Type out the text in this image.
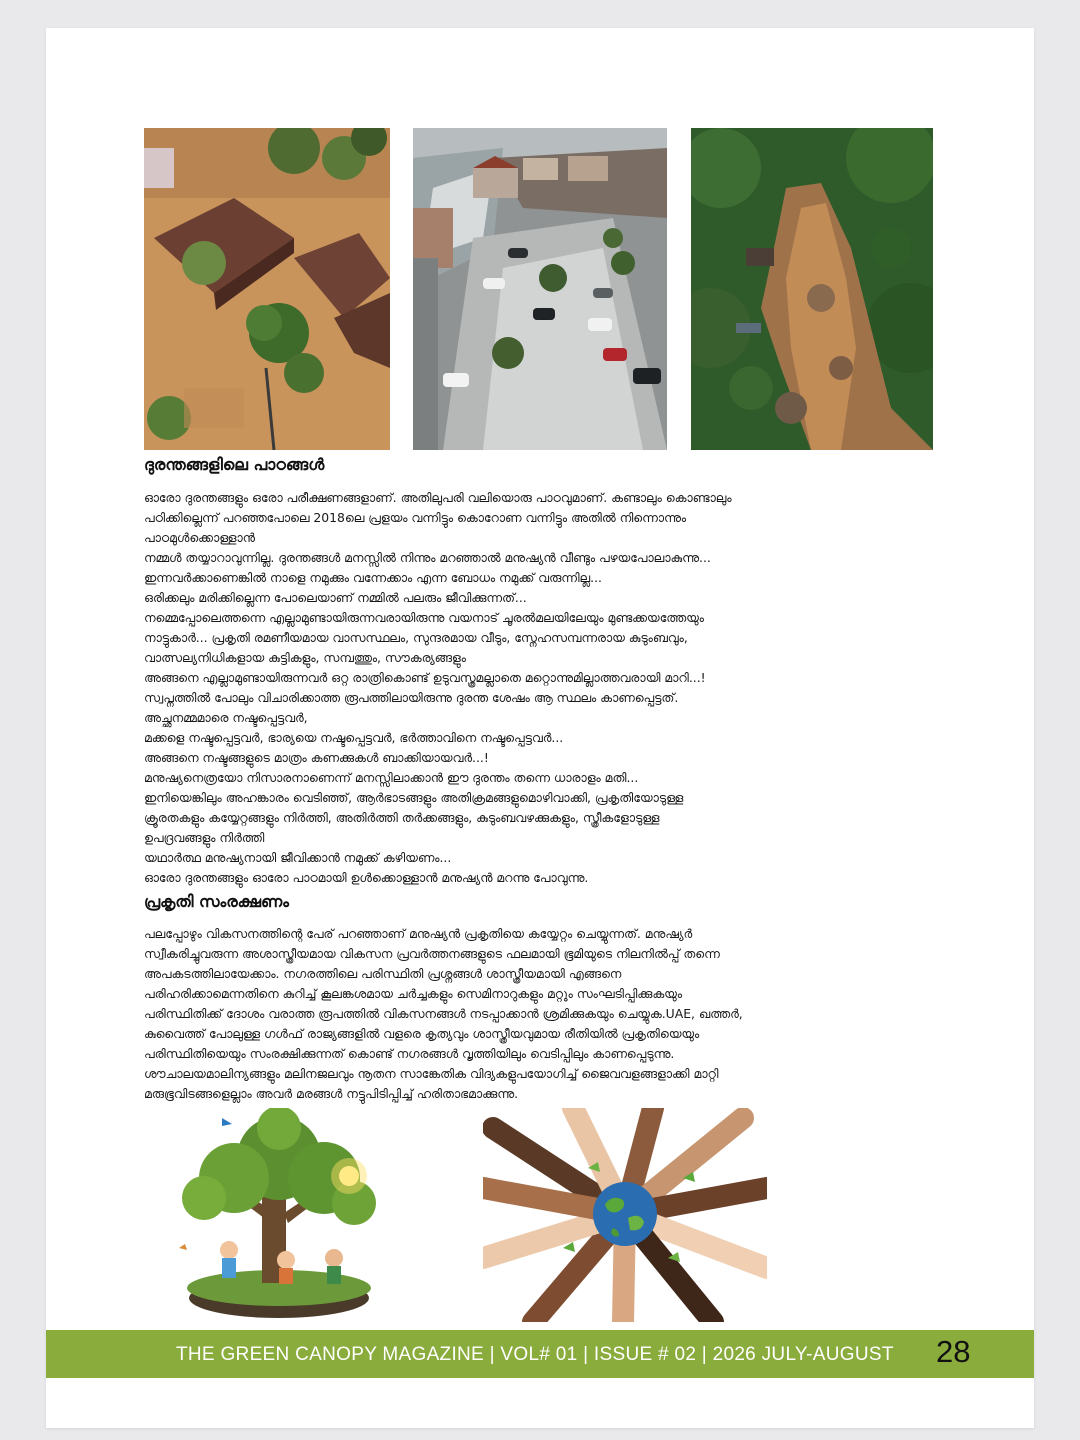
ദുരന്തങ്ങളിലെ പാഠങ്ങൾ
ഓരോ ദുരന്തങ്ങളും ഒരോ പരീക്ഷണങ്ങളാണ്. അതിലുപരി വലിയൊരു പാഠവുമാണ്. കണ്ടാലും കൊണ്ടാലും
പഠിക്കില്ലെന്ന് പറഞ്ഞപോലെ 2018ലെ പ്രളയം വന്നിട്ടും കൊറോണ വന്നിട്ടും അതിൽ നിന്നൊന്നും
പാഠമുൾക്കൊള്ളാൻ
നമ്മൾ തയ്യാറാവുന്നില്ല. ദുരന്തങ്ങൾ മനസ്സിൽ നിന്നും മറഞ്ഞാൽ മനുഷ്യൻ വീണ്ടും പഴയപോലാകുന്നു...
ഇന്നവർക്കാണെങ്കിൽ നാളെ നമുക്കും വന്നേക്കാം എന്ന ബോധം നമുക്ക് വരുന്നില്ല...
ഒരിക്കലും മരിക്കില്ലെന്ന പോലെയാണ് നമ്മിൽ പലരും ജീവിക്കുന്നത്...
നമ്മെപ്പോലെത്തന്നെ എല്ലാമുണ്ടായിരുന്നവരായിരുന്നു വയനാട് ചൂരൽമലയിലേയും മുണ്ടക്കയത്തേയും
നാട്ടുകാർ... പ്രകൃതി രമണീയമായ വാസസ്ഥലം, സുന്ദരമായ വീടും, സ്നേഹസമ്പന്നരായ കുടുംബവും,
വാത്സല്യനിധികളായ കുട്ടികളും, സമ്പത്തും, സൗകര്യങ്ങളും
അങ്ങനെ എല്ലാമുണ്ടായിരുന്നവർ ഒറ്റ രാത്രികൊണ്ട് ഉടുവസ്ത്രമല്ലാതെ മറ്റൊന്നുമില്ലാത്തവരായി മാറി...!
സ്വപ്നത്തിൽ പോലും വിചാരിക്കാത്ത രൂപത്തിലായിരുന്നു ദുരന്ത ശേഷം ആ സ്ഥലം കാണപ്പെട്ടത്.
അച്ഛനമ്മമാരെ നഷ്ടപ്പെട്ടവർ,
മക്കളെ നഷ്ടപ്പെട്ടവർ, ഭാര്യയെ നഷ്ടപ്പെട്ടവർ, ഭർത്താവിനെ നഷ്ടപ്പെട്ടവർ...
അങ്ങനെ നഷ്ടങ്ങളുടെ മാത്രം കണക്കുകൾ ബാക്കിയായവർ...!
മനുഷ്യനെത്രയോ നിസാരനാണെന്ന് മനസ്സിലാക്കാൻ ഈ ദുരന്തം തന്നെ ധാരാളം മതി...
ഇനിയെങ്കിലും അഹങ്കാരം വെടിഞ്ഞ്, ആർഭാടങ്ങളും അതിക്രമങ്ങളുമൊഴിവാക്കി, പ്രകൃതിയോടുള്ള
ക്രൂരതകളും കയ്യേറ്റങ്ങളും നിർത്തി, അതിർത്തി തർക്കങ്ങളും, കുടുംബവഴക്കുകളും, സ്ത്രീകളോടുള്ള
ഉപദ്രവങ്ങളും നിർത്തി
യഥാർത്ഥ മനുഷ്യനായി ജീവിക്കാൻ നമുക്ക് കഴിയണം...
ഓരോ ദുരന്തങ്ങളും ഓരോ പാഠമായി ഉൾക്കൊള്ളാൻ മനുഷ്യൻ മറന്നു പോവുന്നു.
പ്രകൃതി സംരക്ഷണം
പലപ്പോഴും വികസനത്തിന്റെ പേര് പറഞ്ഞാണ് മനുഷ്യൻ പ്രകൃതിയെ കയ്യേറ്റം ചെയ്യുന്നത്. മനുഷ്യർ
സ്വീകരിച്ചുവരുന്ന അശാസ്ത്രീയമായ വികസന പ്രവർത്തനങ്ങളുടെ ഫലമായി ഭൂമിയുടെ നിലനിൽപ്പ് തന്നെ
അപകടത്തിലായേക്കാം. നഗരത്തിലെ പരിസ്ഥിതി പ്രശ്നങ്ങൾ ശാസ്ത്രീയമായി എങ്ങനെ
പരിഹരിക്കാമെന്നതിനെ കുറിച്ച് കൂലങ്കശമായ ചർച്ചകളും സെമിനാറുകളും മറ്റും സംഘടിപ്പിക്കുകയും
പരിസ്ഥിതിക്ക് ദോശം വരാത്ത രൂപത്തിൽ വികസനങ്ങൾ നടപ്പാക്കാൻ ശ്രമിക്കുകയും ചെയ്യുക.UAE, ഖത്തർ,
കുവൈത്ത് പോലുള്ള ഗൾഫ് രാജ്യങ്ങളിൽ വളരെ കൃത്യവും ശാസ്ത്രീയവുമായ രീതിയിൽ പ്രകൃതിയെയും
പരിസ്ഥിതിയെയും സംരക്ഷിക്കുന്നത് കൊണ്ട് നഗരങ്ങൾ വൃത്തിയിലും വെടിപ്പിലും കാണപ്പെടുന്നു.
ശൗചാലയമാലിന്യങ്ങളും മലിനജലവും നൂതന സാങ്കേതിക വിദ്യകളുപയോഗിച്ച് ജൈവവളങ്ങളാക്കി മാറ്റി
മരുഭൂവിടങ്ങളെല്ലാം അവർ മരങ്ങൾ നട്ടുപിടിപ്പിച്ച് ഹരിതാഭമാക്കുന്നു.
THE GREEN CANOPY MAGAZINE | VOL# 01 | ISSUE # 02 | 2026 JULY-AUGUST 28
